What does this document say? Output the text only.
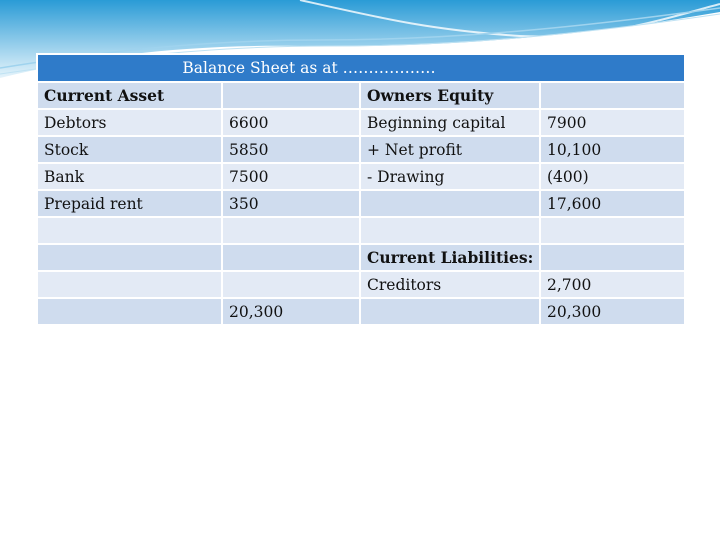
Balance Sheet as at ………………			
Current Asset		Owners Equity	
Debtors	6600	Beginning capital	7900
Stock	5850	+ Net profit	10,100
Bank	7500	- Drawing	(400)
Prepaid rent	350		17,600

		Current Liabilities:	
		Creditors	2,700
	20,300		20,300
